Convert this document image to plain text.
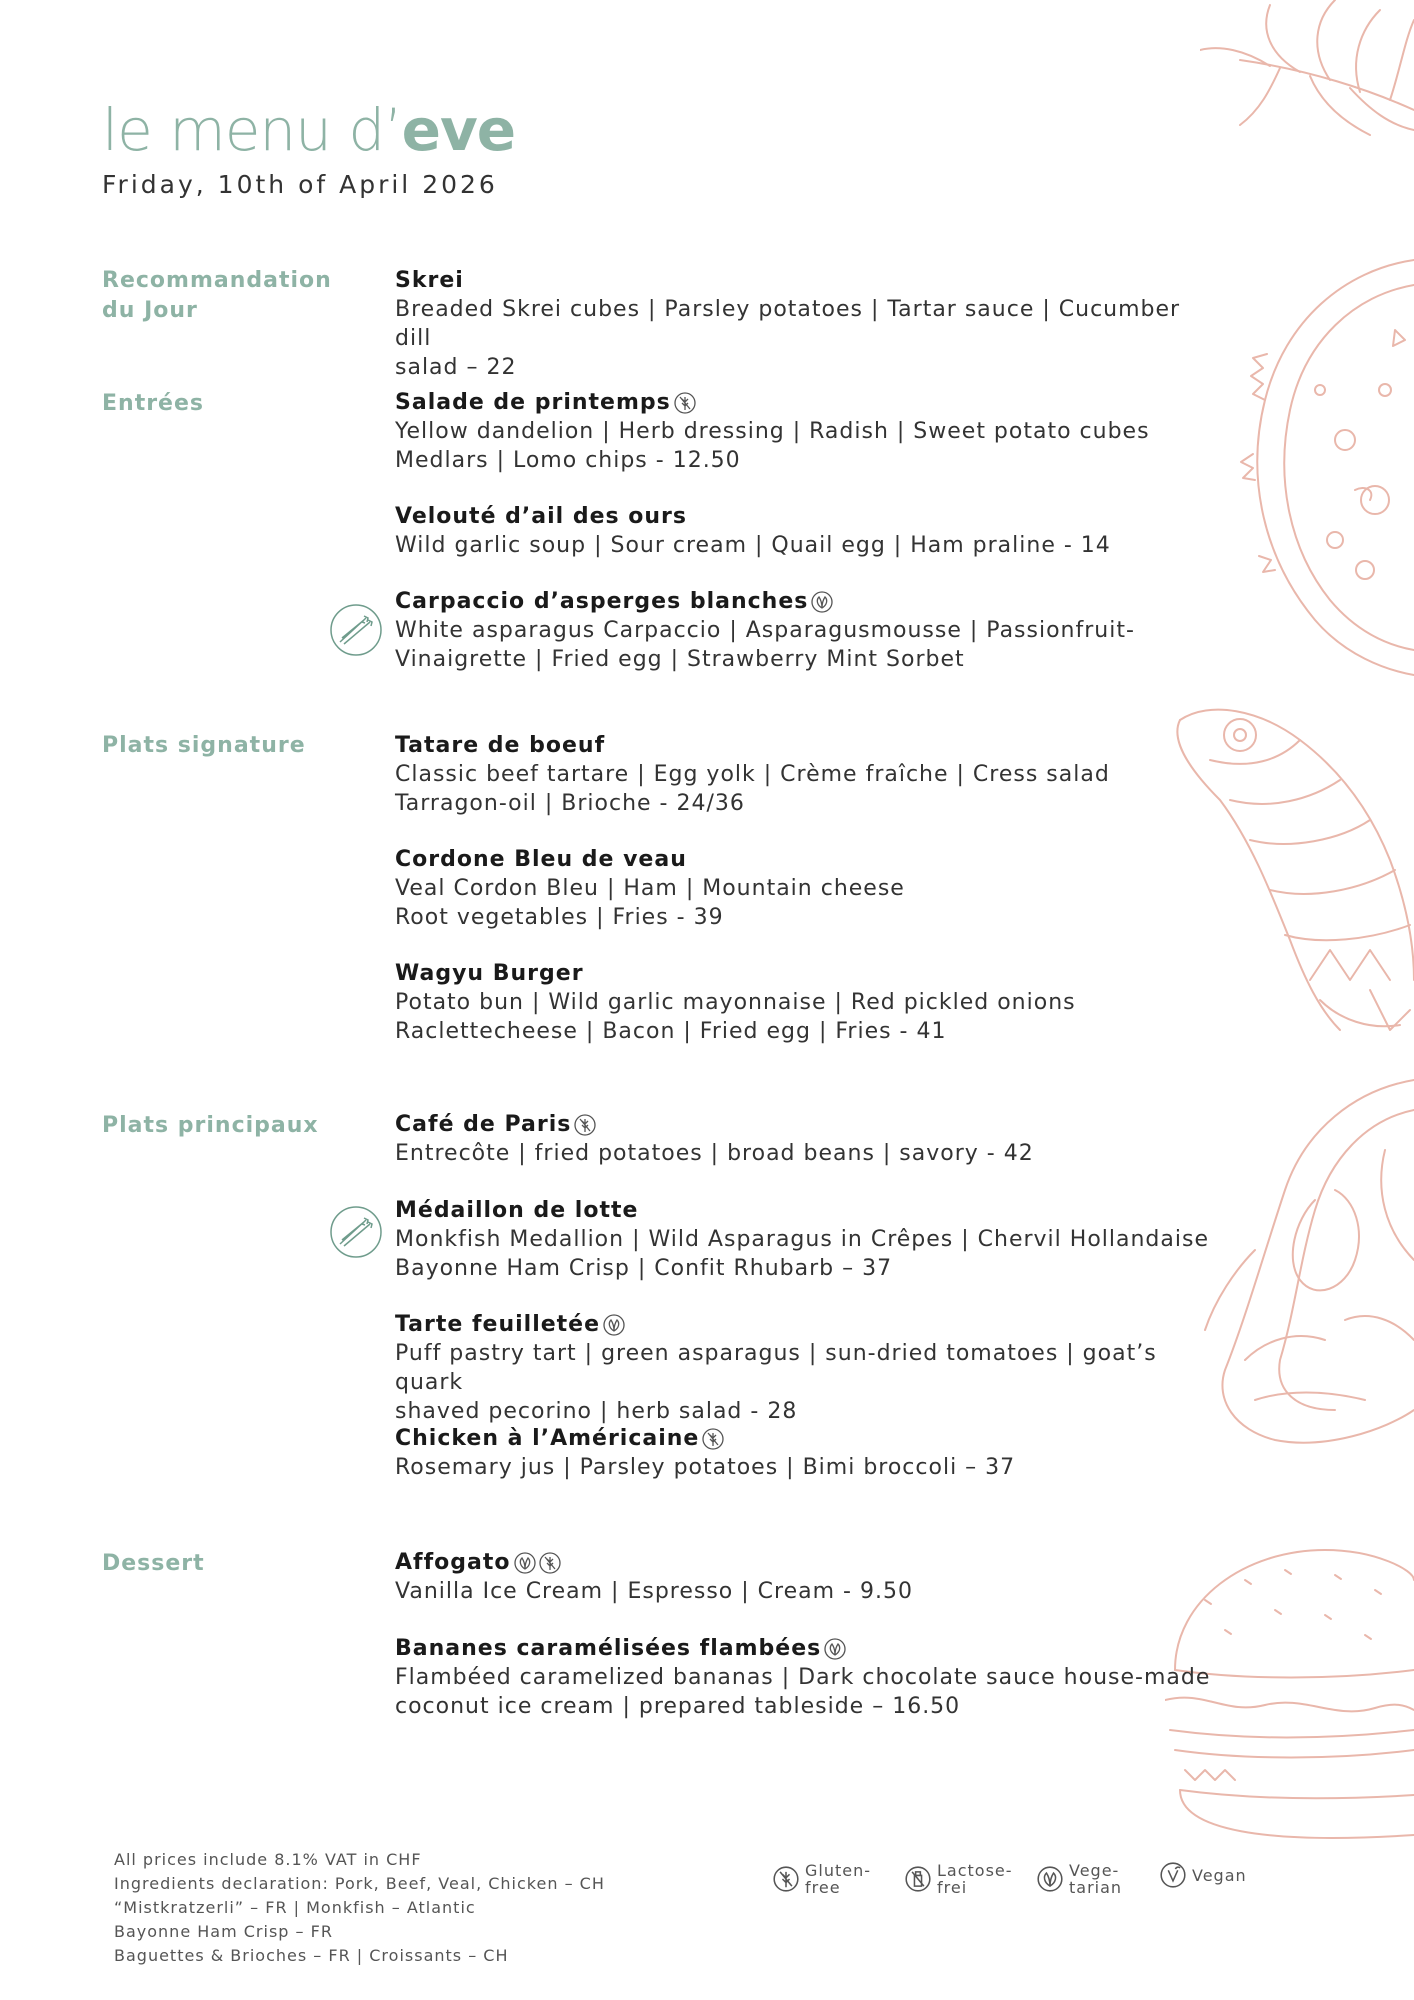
le menu d’eve
Friday, 10th of April 2026
Recommandation
du Jour
Skrei
Breaded Skrei cubes | Parsley potatoes | Tartar sauce | Cucumber dill
salad – 22
Entrées	Salade de printemps
Yellow dandelion | Herb dressing | Radish | Sweet potato cubes
Medlars | Lomo chips - 12.50
Velouté d’ail des ours
Wild garlic soup | Sour cream | Quail egg | Ham praline - 14
Carpaccio d’asperges blanches
White asparagus Carpaccio | Asparagusmousse | Passionfruit-
Vinaigrette | Fried egg | Strawberry Mint Sorbet
Plats signature	Tatare de boeuf
Classic beef tartare | Egg yolk | Crème fraîche | Cress salad
Tarragon-oil | Brioche - 24/36
Cordone Bleu de veau
Veal Cordon Bleu | Ham | Mountain cheese
Root vegetables | Fries - 39
Wagyu Burger
Potato bun | Wild garlic mayonnaise | Red pickled onions
Raclettecheese | Bacon | Fried egg | Fries - 41
Plats principaux	Café de Paris
Entrecôte | fried potatoes | broad beans | savory - 42
Médaillon de lotte
Monkfish Medallion | Wild Asparagus in Crêpes | Chervil Hollandaise
Bayonne Ham Crisp | Confit Rhubarb – 37
Tarte feuilletée
Puff pastry tart | green asparagus | sun-dried tomatoes | goat’s quark
shaved pecorino | herb salad - 28
Chicken à l’Américaine
Rosemary jus | Parsley potatoes | Bimi broccoli – 37
Dessert	Affogato
Vanilla Ice Cream | Espresso | Cream - 9.50
Bananes caramélisées flambées
Flambéed caramelized bananas | Dark chocolate sauce house-made
coconut ice cream | prepared tableside – 16.50
All prices include 8.1% VAT in CHF
Ingredients declaration: Pork, Beef, Veal, Chicken – CH
“Mistkratzerli” – FR | Monkfish – Atlantic
Bayonne Ham Crisp – FR
Baguettes & Brioches – FR | Croissants – CH
Gluten-
free
Lactose-
frei
Vege-
tarian
Vegan
